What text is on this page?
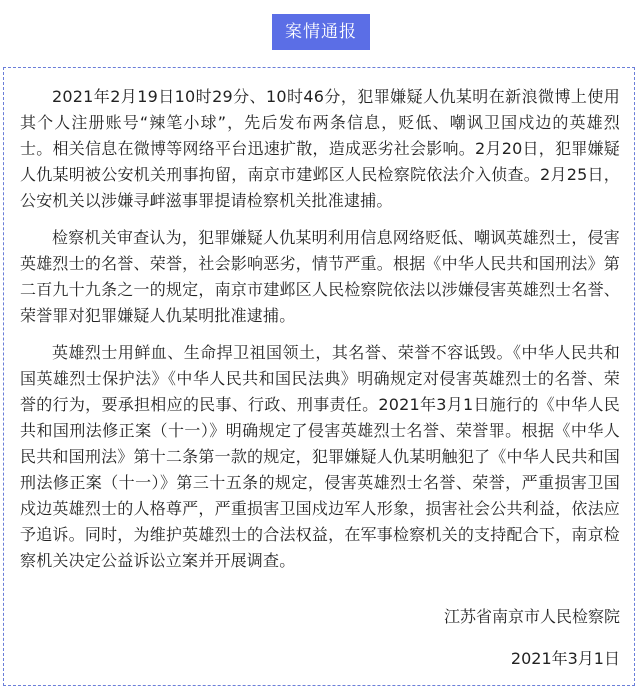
案情通报

2021年2月19日10时29分、10时46分，犯罪嫌疑人仇某明在新浪微博上使用其个人注册账号“辣笔小球”，先后发布两条信息，贬低、嘲讽卫国戍边的英雄烈士。相关信息在微博等网络平台迅速扩散，造成恶劣社会影响。2月20日，犯罪嫌疑人仇某明被公安机关刑事拘留，南京市建邺区人民检察院依法介入侦查。2月25日，公安机关以涉嫌寻衅滋事罪提请检察机关批准逮捕。

检察机关审查认为，犯罪嫌疑人仇某明利用信息网络贬低、嘲讽英雄烈士，侵害英雄烈士的名誉、荣誉，社会影响恶劣，情节严重。根据《中华人民共和国刑法》第二百九十九条之一的规定，南京市建邺区人民检察院依法以涉嫌侵害英雄烈士名誉、荣誉罪对犯罪嫌疑人仇某明批准逮捕。

英雄烈士用鲜血、生命捍卫祖国领土，其名誉、荣誉不容诋毁。《中华人民共和国英雄烈士保护法》《中华人民共和国民法典》明确规定对侵害英雄烈士的名誉、荣誉的行为，要承担相应的民事、行政、刑事责任。2021年3月1日施行的《中华人民共和国刑法修正案（十一）》明确规定了侵害英雄烈士名誉、荣誉罪。根据《中华人民共和国刑法》第十二条第一款的规定，犯罪嫌疑人仇某明触犯了《中华人民共和国刑法修正案（十一）》第三十五条的规定，侵害英雄烈士名誉、荣誉，严重损害卫国戍边英雄烈士的人格尊严，严重损害卫国戍边军人形象，损害社会公共利益，依法应予追诉。同时，为维护英雄烈士的合法权益，在军事检察机关的支持配合下，南京检察机关决定公益诉讼立案并开展调查。

江苏省南京市人民检察院
2021年3月1日
